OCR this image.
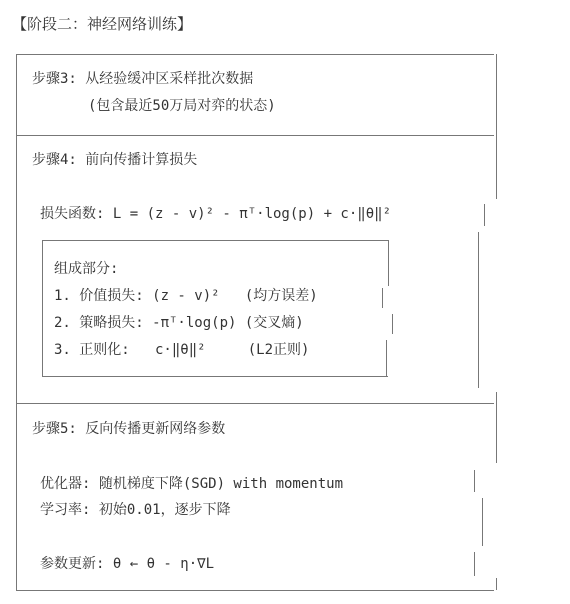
【阶段二：神经网络训练】
步骤3: 从经验缓冲区采样批次数据
(包含最近50万局对弈的状态)
步骤4: 前向传播计算损失
损失函数: L = (z - v)² - πᵀ·log(p) + c·‖θ‖²
组成部分:
1. 价值损失: (z - v)²   (均方误差)
2. 策略损失: -πᵀ·log(p) (交叉熵)
3. 正则化:   c·‖θ‖²     (L2正则)
步骤5: 反向传播更新网络参数
优化器: 随机梯度下降(SGD) with momentum
学习率: 初始0.01，逐步下降
参数更新: θ ← θ - η·∇L
